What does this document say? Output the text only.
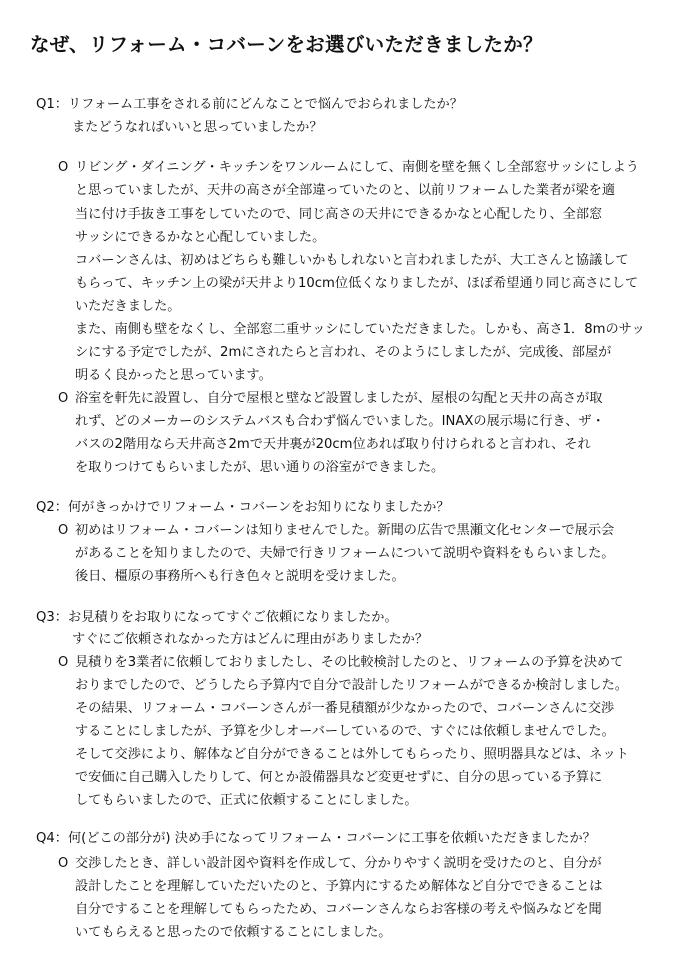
なぜ、リフォーム・コバーンをお選びいただきましたか？
Q1：リフォーム工事をされる前にどんなことで悩んでおられましたか？
またどうなればいいと思っていましたか？
O リビング・ダイニング・キッチンをワンルームにして、南側を壁を無くし全部窓サッシにしよう
と思っていましたが、天井の高さが全部違っていたのと、以前リフォームした業者が梁を適
当に付け手抜き工事をしていたので、同じ高さの天井にできるかなと心配したり、全部窓
サッシにできるかなと心配していました。
コバーンさんは、初めはどちらも難しいかもしれないと言われましたが、大工さんと協議して
もらって、キッチン上の梁が天井より10cm位低くなりましたが、ほぼ希望通り同じ高さにして
いただきました。
また、南側も壁をなくし、全部窓二重サッシにしていただきました。しかも、高さ1．8mのサッ
シにする予定でしたが、2mにされたらと言われ、そのようにしましたが、完成後、部屋が
明るく良かったと思っています。
O 浴室を軒先に設置し、自分で屋根と壁など設置しましたが、屋根の勾配と天井の高さが取
れず、どのメーカーのシステムバスも合わず悩んでいました。INAXの展示場に行き、ザ・
バスの2階用なら天井高さ2mで天井裏が20cm位あれば取り付けられると言われ、それ
を取りつけてもらいましたが、思い通りの浴室ができました。
Q2：何がきっかけでリフォーム・コバーンをお知りになりましたか？
O 初めはリフォーム・コバーンは知りませんでした。新聞の広告で黒瀬文化センターで展示会
があることを知りましたので、夫婦で行きリフォームについて説明や資料をもらいました。
後日、橿原の事務所へも行き色々と説明を受けました。
Q3：お見積りをお取りになってすぐご依頼になりましたか。
すぐにご依頼されなかった方はどんに理由がありましたか？
O 見積りを3業者に依頼しておりましたし、その比較検討したのと、リフォームの予算を決めて
おりまでしたので、どうしたら予算内で自分で設計したリフォームができるか検討しました。
その結果、リフォーム・コバーンさんが一番見積額が少なかったので、コバーンさんに交渉
することにしましたが、予算を少しオーバーしているので、すぐには依頼しませんでした。
そして交渉により、解体など自分ができることは外してもらったり、照明器具などは、ネット
で安価に自己購入したりして、何とか設備器具など変更せずに、自分の思っている予算に
してもらいましたので、正式に依頼することにしました。
Q4：何(どこの部分が) 決め手になってリフォーム・コバーンに工事を依頼いただきましたか？
O 交渉したとき、詳しい設計図や資料を作成して、分かりやすく説明を受けたのと、自分が
設計したことを理解していただいたのと、予算内にするため解体など自分でできることは
自分ですることを理解してもらったため、コバーンさんならお客様の考えや悩みなどを聞
いてもらえると思ったので依頼することにしました。
